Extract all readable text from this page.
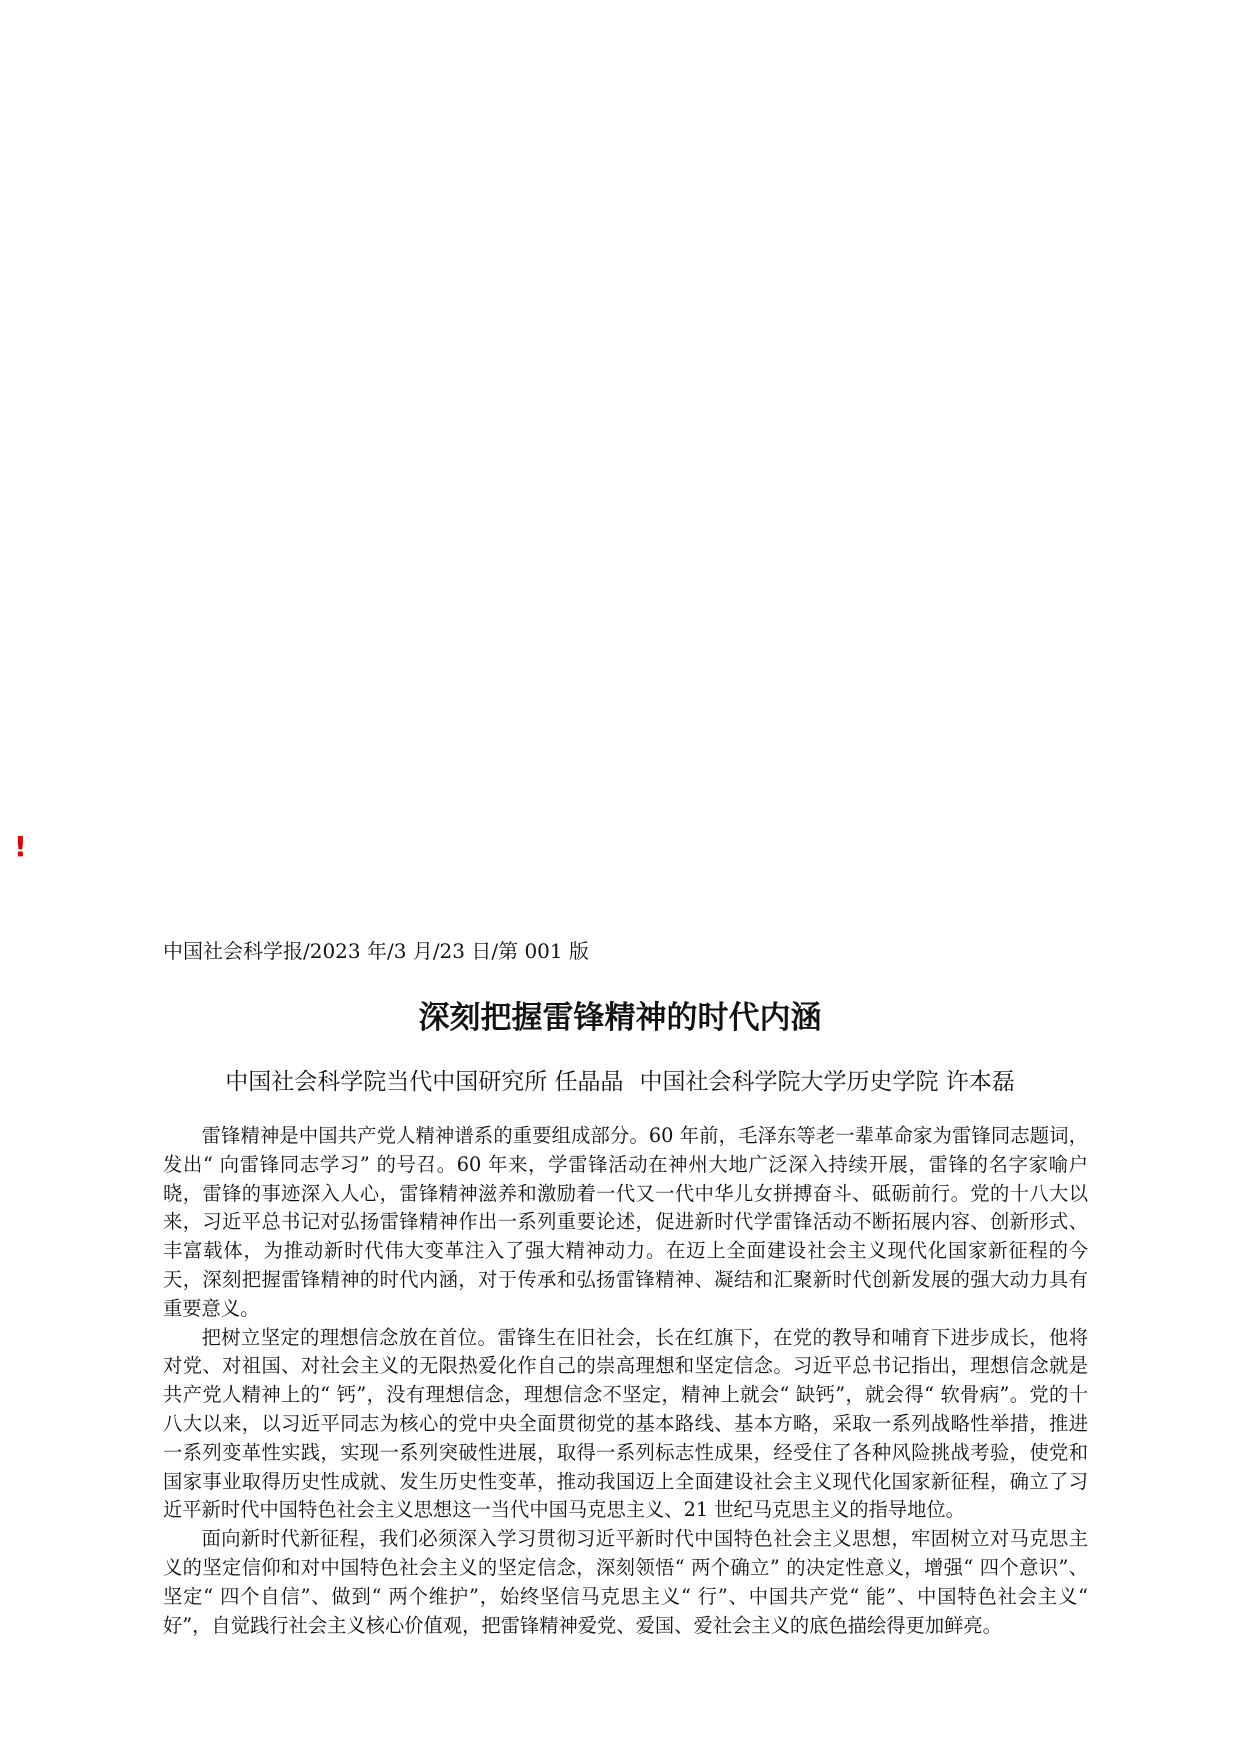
!
中国社会科学报/2023 年/3 月/23 日/第 001 版
深刻把握雷锋精神的时代内涵
中国社会科学院当代中国研究所 任晶晶 中国社会科学院大学历史学院 许本磊

雷锋精神是中国共产党人精神谱系的重要组成部分。60 年前，毛泽东等老一辈革命家为雷锋同志题词，发出“ 向雷锋同志学习” 的号召。60 年来，学雷锋活动在神州大地广泛深入持续开展，雷锋的名字家喻户晓，雷锋的事迹深入人心，雷锋精神滋养和激励着一代又一代中华儿女拼搏奋斗、砥砺前行。党的十八大以来，习近平总书记对弘扬雷锋精神作出一系列重要论述，促进新时代学雷锋活动不断拓展内容、创新形式、丰富载体，为推动新时代伟大变革注入了强大精神动力。在迈上全面建设社会主义现代化国家新征程的今天，深刻把握雷锋精神的时代内涵，对于传承和弘扬雷锋精神、凝结和汇聚新时代创新发展的强大动力具有重要意义。

把树立坚定的理想信念放在首位。雷锋生在旧社会，长在红旗下，在党的教导和哺育下进步成长，他将对党、对祖国、对社会主义的无限热爱化作自己的崇高理想和坚定信念。习近平总书记指出，理想信念就是共产党人精神上的“ 钙”，没有理想信念，理想信念不坚定，精神上就会“ 缺钙”，就会得“ 软骨病”。党的十八大以来，以习近平同志为核心的党中央全面贯彻党的基本路线、基本方略，采取一系列战略性举措，推进一系列变革性实践，实现一系列突破性进展，取得一系列标志性成果，经受住了各种风险挑战考验，使党和国家事业取得历史性成就、发生历史性变革，推动我国迈上全面建设社会主义现代化国家新征程，确立了习近平新时代中国特色社会主义思想这一当代中国马克思主义、21 世纪马克思主义的指导地位。

面向新时代新征程，我们必须深入学习贯彻习近平新时代中国特色社会主义思想，牢固树立对马克思主义的坚定信仰和对中国特色社会主义的坚定信念，深刻领悟“ 两个确立” 的决定性意义，增强“ 四个意识”、坚定“ 四个自信”、做到“ 两个维护”，始终坚信马克思主义“ 行”、中国共产党“ 能”、中国特色社会主义“ 好”，自觉践行社会主义核心价值观，把雷锋精神爱党、爱国、爱社会主义的底色描绘得更加鲜亮。
